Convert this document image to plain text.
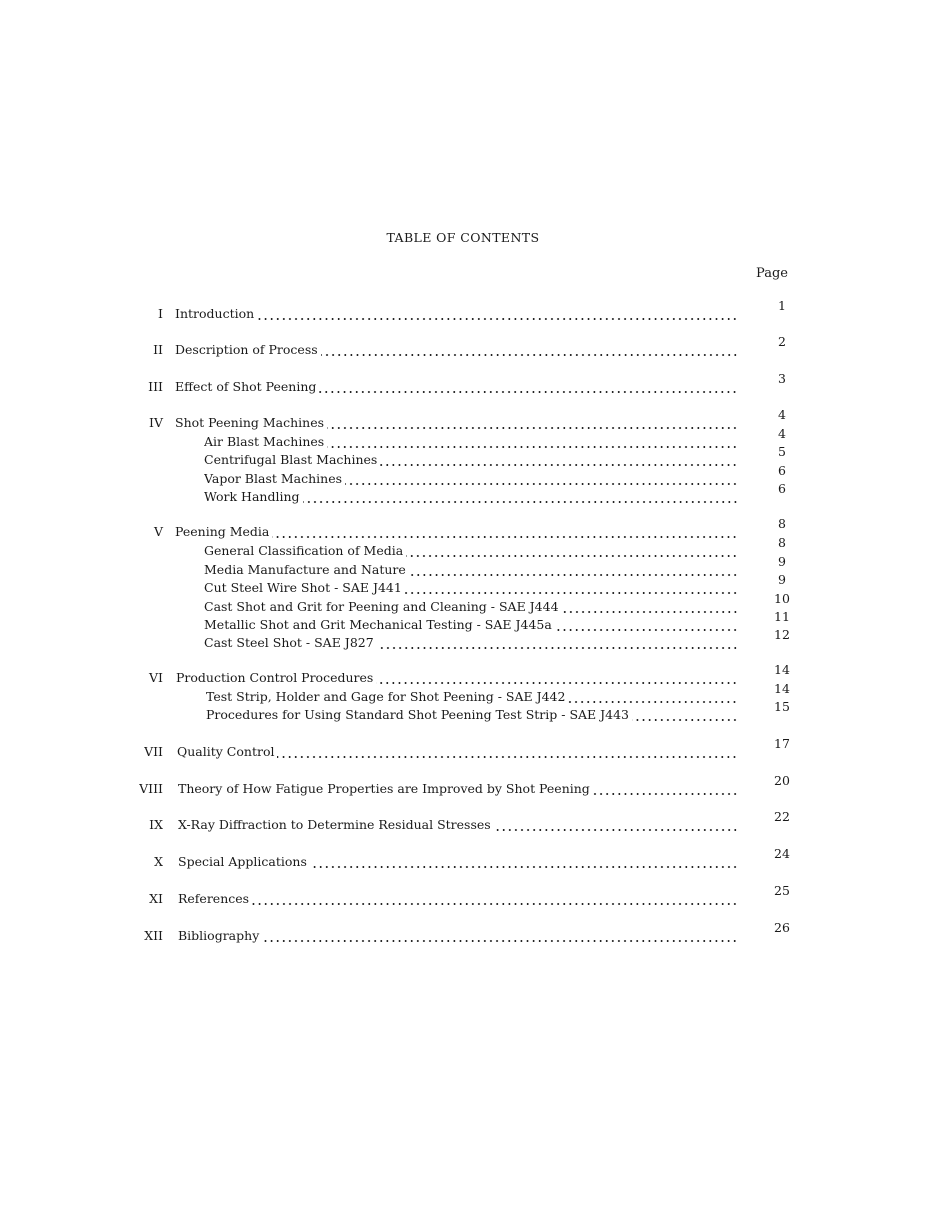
TABLE OF CONTENTS
Page
I Introduction
1
II Description of Process
2
III Effect of Shot Peening
3
IV Shot Peening Machines
4
Air Blast Machines
4
Centrifugal Blast Machines
5
Vapor Blast Machines
6
Work Handling
6
V Peening Media
8
General Classification of Media
8
Media Manufacture and Nature
9
Cut Steel Wire Shot - SAE J441
9
Cast Shot and Grit for Peening and Cleaning - SAE J444
10
Metallic Shot and Grit Mechanical Testing - SAE J445a
11
Cast Steel Shot - SAE J827
12
VI Production Control Procedures
14
Test Strip, Holder and Gage for Shot Peening - SAE J442
14
Procedures for Using Standard Shot Peening Test Strip - SAE J443
15
VII Quality Control
17
VIII Theory of How Fatigue Properties are Improved by Shot Peening
20
IX X-Ray Diffraction to Determine Residual Stresses
22
X Special Applications
24
XI References
25
XII Bibliography
26
